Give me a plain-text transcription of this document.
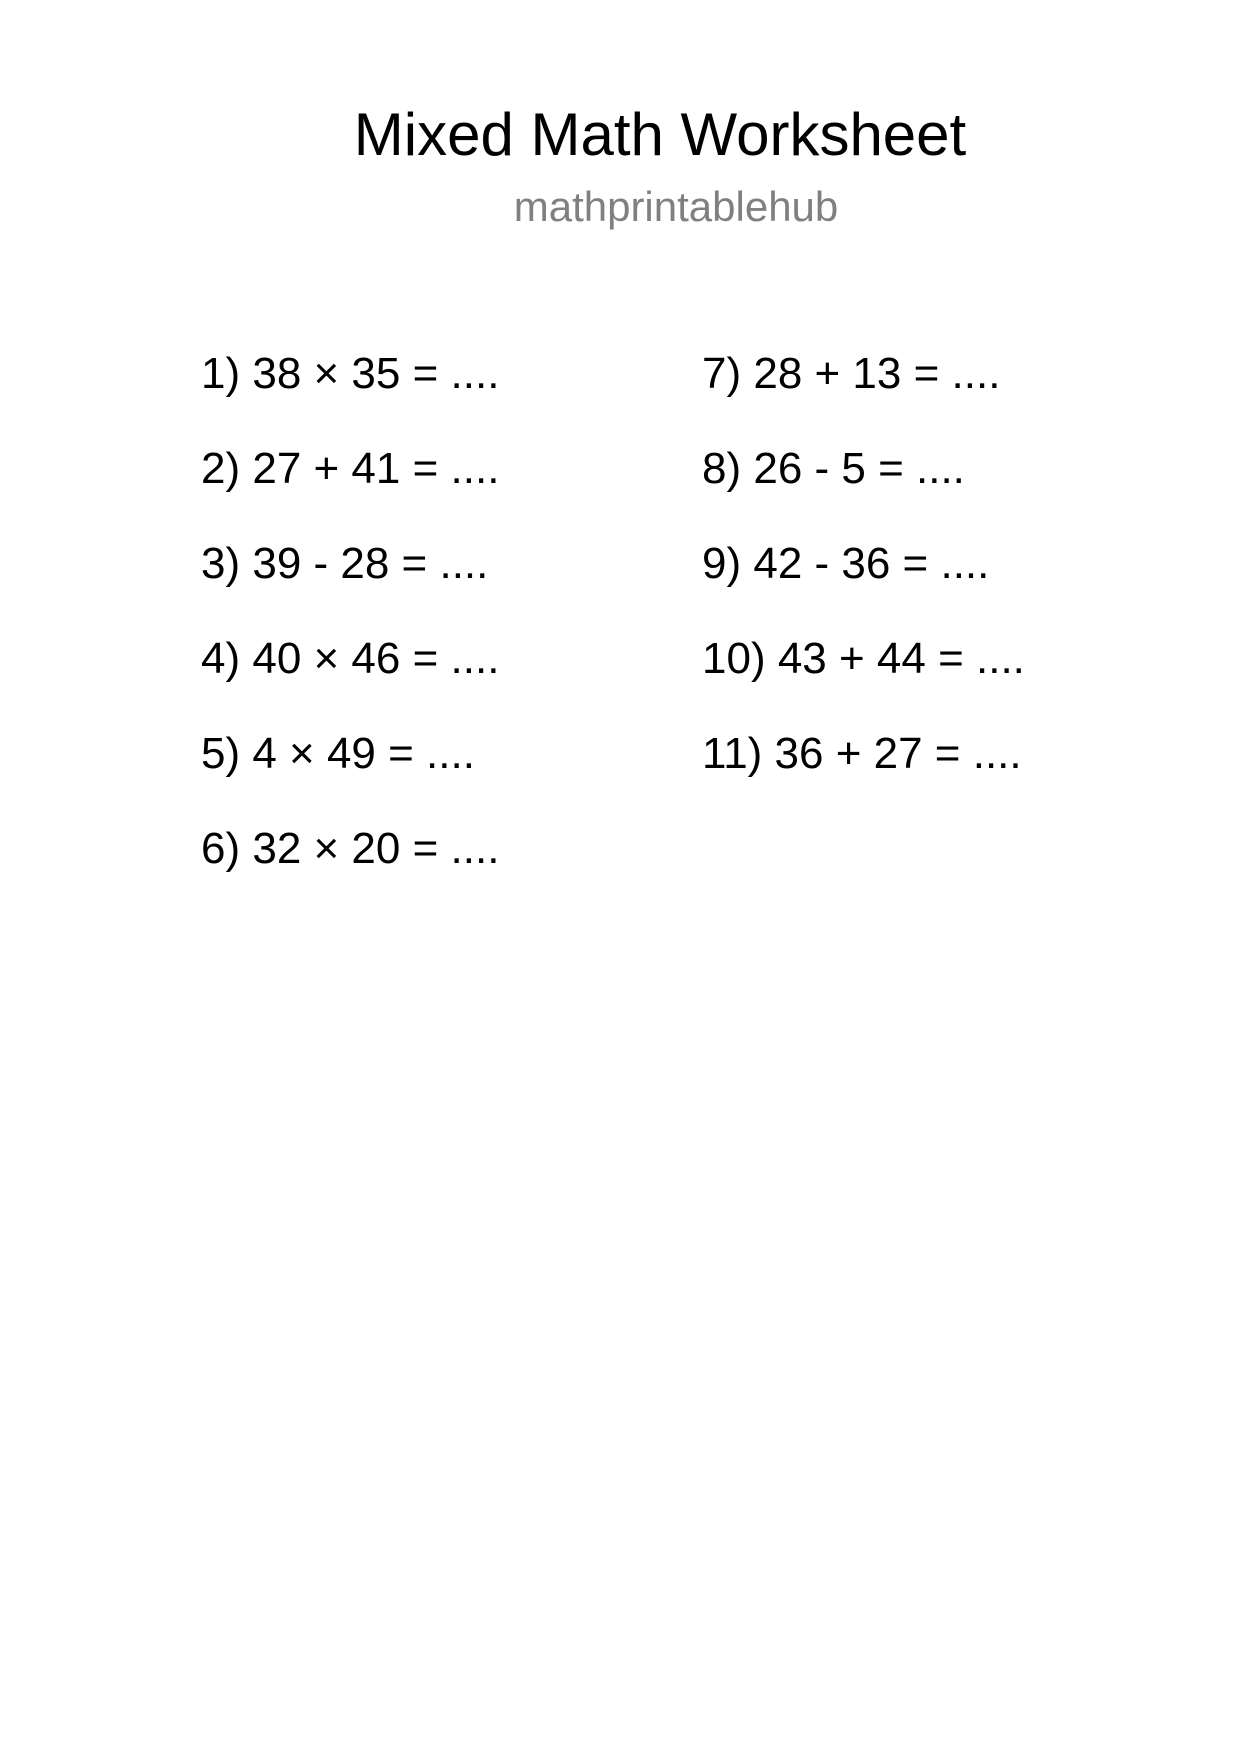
Mixed Math Worksheet
mathprintablehub
1) 38 × 35 = ....
2) 27 + 41 = ....
3) 39 - 28 = ....
4) 40 × 46 = ....
5) 4 × 49 = ....
6) 32 × 20 = ....
7) 28 + 13 = ....
8) 26 - 5 = ....
9) 42 - 36 = ....
10) 43 + 44 = ....
11) 36 + 27 = ....
